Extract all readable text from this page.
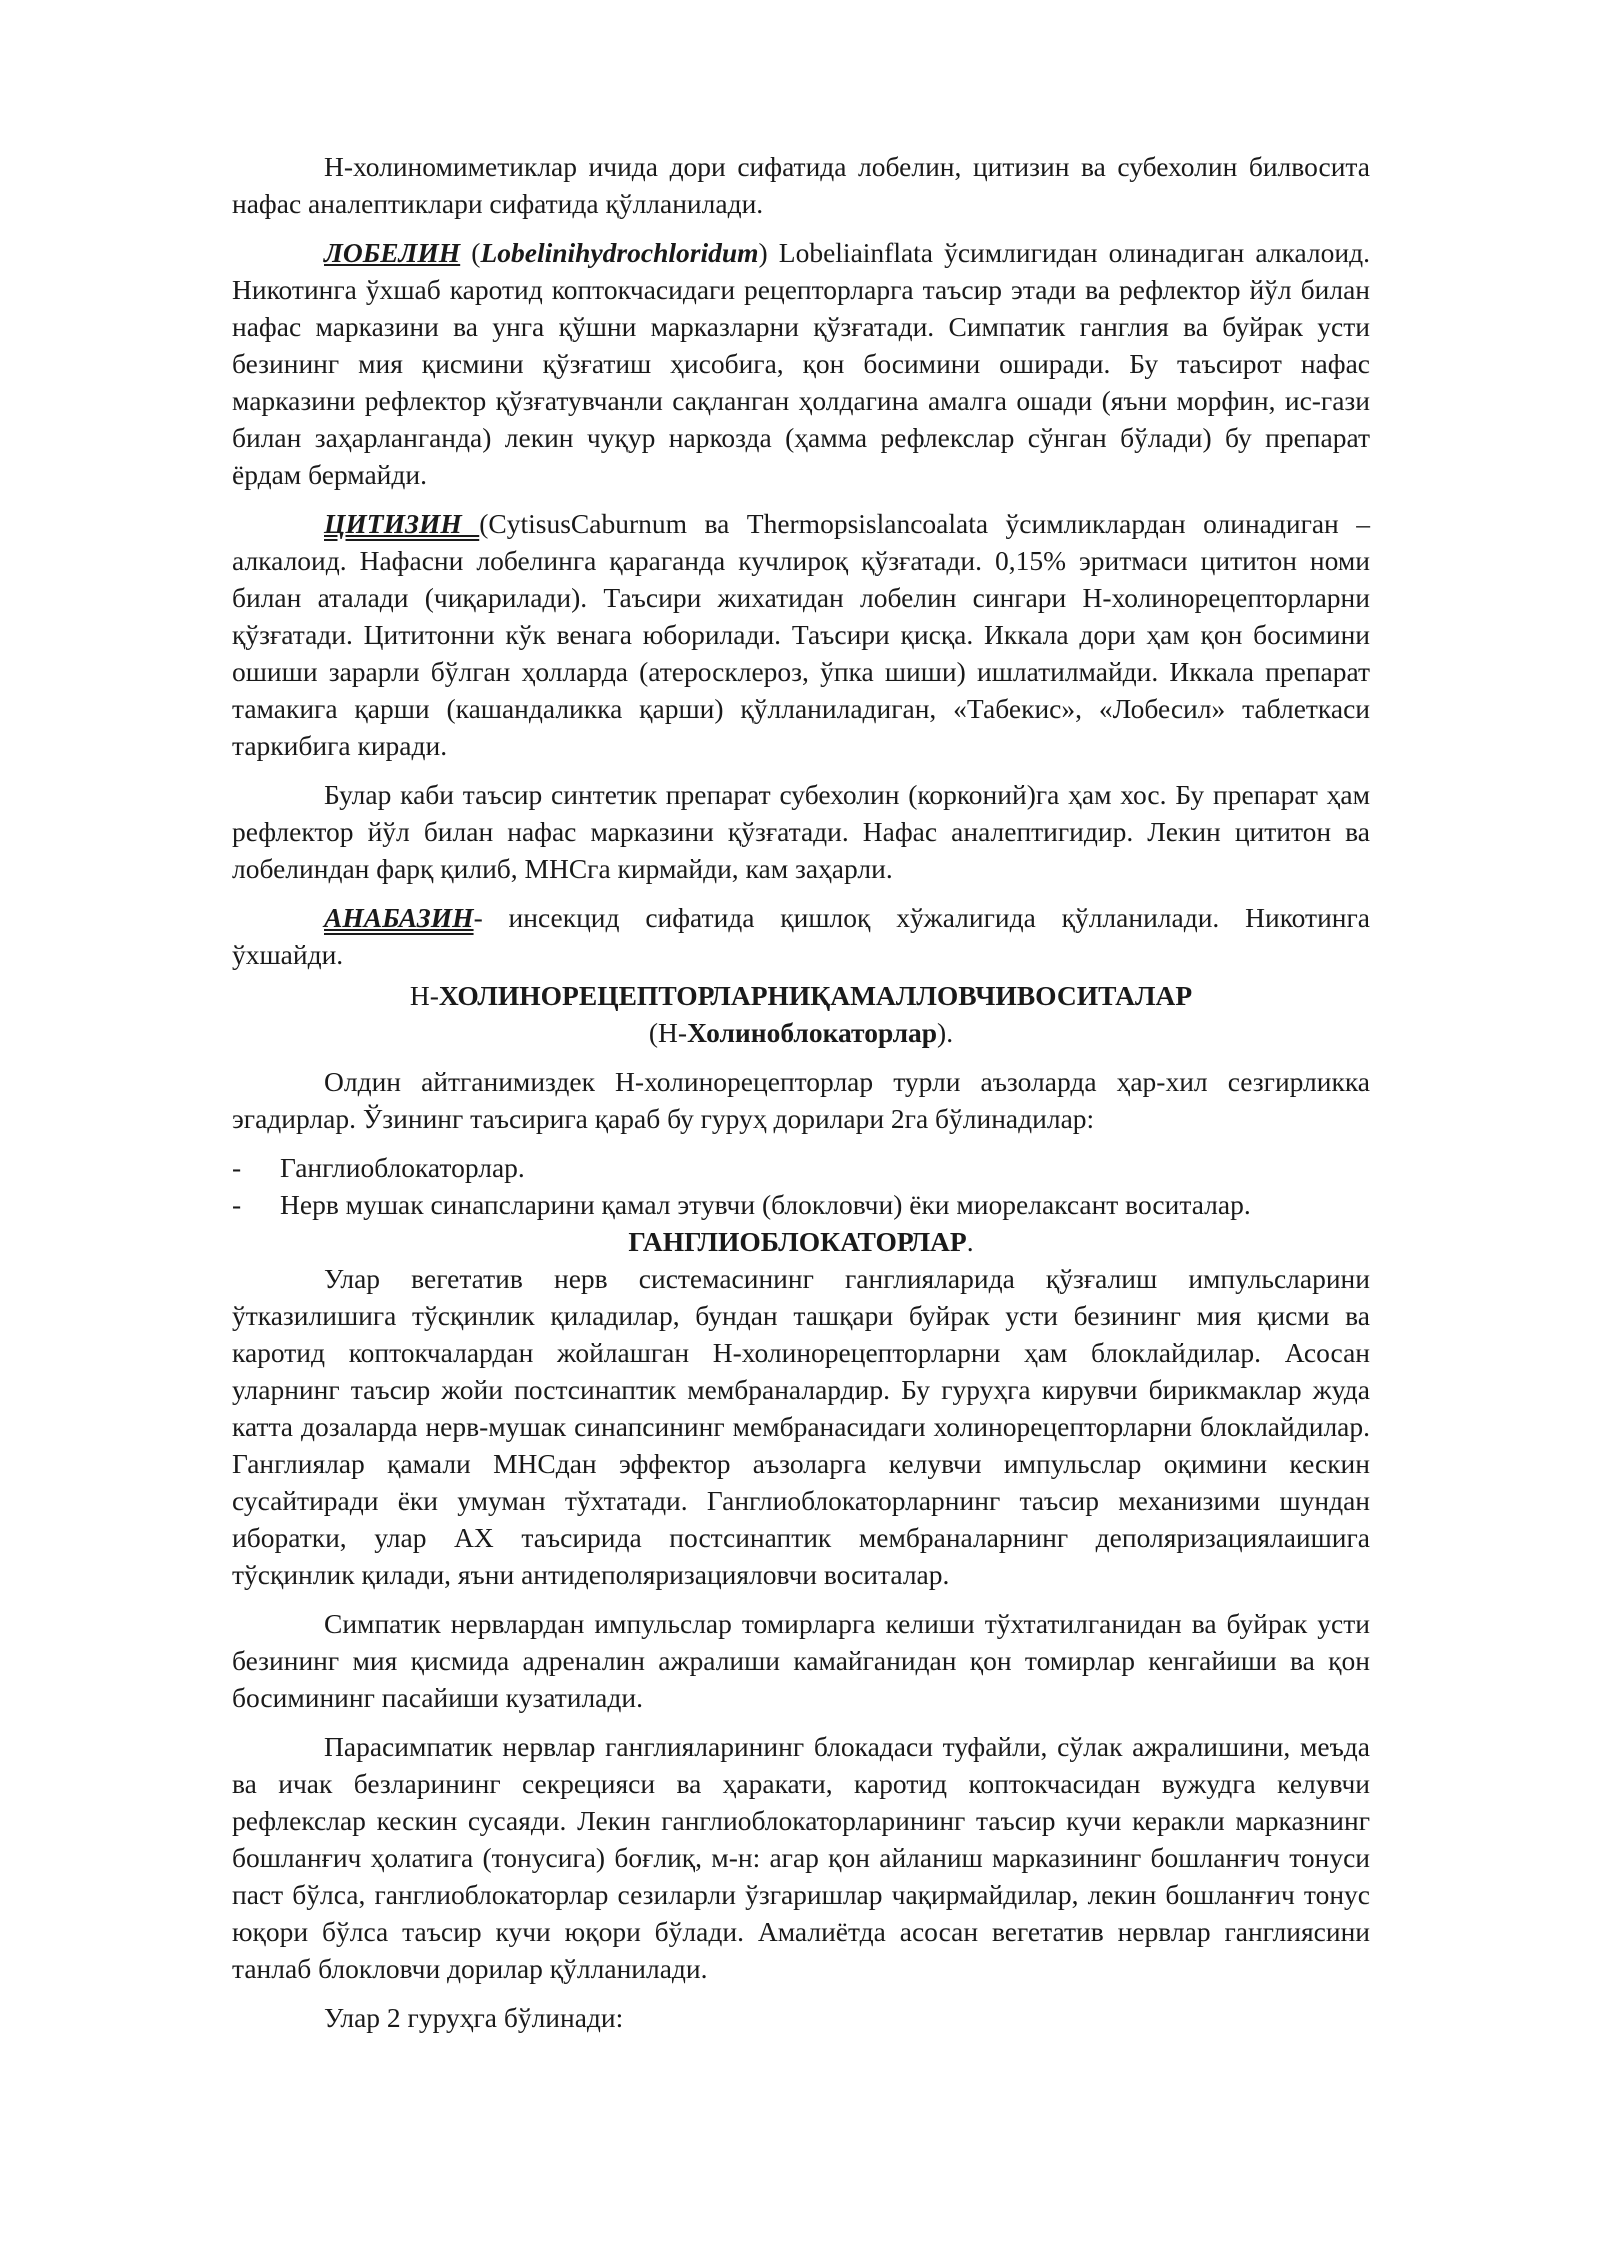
Н-холиномиметиклар ичида дори сифатида лобелин, цитизин ва субехолин билвосита нафас аналептиклари сифатида қўлланилади.

ЛОБЕЛИН (Lobelinihydrochloridum) Lobeliainflata ўсимлигидан олинадиган алкалоид. Никотинга ўхшаб каротид коптокчасидаги рецепторларга таъсир этади ва рефлектор йўл билан нафас марказини ва унга қўшни марказларни қўзғатади. Симпатик ганглия ва буйрак усти безининг мия қисмини қўзғатиш ҳисобига, қон босимини оширади. Бу таъсирот нафас марказини рефлектор қўзғатувчанли сақланган ҳолдагина амалга ошади (яъни морфин, ис-гази билан заҳарланганда) лекин чуқур наркозда (ҳамма рефлекслар сўнган бўлади) бу препарат ёрдам бермайди.

ЦИТИЗИН (CytisusCaburnum ва Thermopsislancoalata ўсимликлардан олинадиган – алкалоид. Нафасни лобелинга қараганда кучлироқ қўзғатади. 0,15% эритмаси цититон номи билан аталади (чиқарилади). Таъсири жихатидан лобелин сингари Н-холинорецепторларни қўзғатади. Цититонни кўк венага юборилади. Таъсири қисқа. Иккала дори ҳам қон босимини ошиши зарарли бўлган ҳолларда (атеросклероз, ўпка шиши) ишлатилмайди. Иккала препарат тамакига қарши (кашандаликка қарши) қўлланиладиган, «Табекис», «Лобесил» таблеткаси таркибига киради.

Булар каби таъсир синтетик препарат субехолин (корконий)га ҳам хос. Бу препарат ҳам рефлектор йўл билан нафас марказини қўзғатади. Нафас аналептигидир. Лекин цититон ва лобелиндан фарқ қилиб, МНСга кирмайди, кам заҳарли.

АНАБАЗИН- инсекцид сифатида қишлоқ хўжалигида қўлланилади. Никотинга ўхшайди.

Н-ХОЛИНОРЕЦЕПТОРЛАРНИҚАМАЛЛОВЧИВОСИТАЛАР

(Н-Холиноблокаторлар).

Олдин айтганимиздек Н-холинорецепторлар турли аъзоларда ҳар-хил сезгирликка эгадирлар. Ўзининг таъсирига қараб бу гуруҳ дорилари 2га бўлинадилар:

-	Ганглиоблокаторлар.
-	Нерв мушак синапсларини қамал этувчи (блокловчи) ёки миорелаксант воситалар.

ГАНГЛИОБЛОКАТОРЛАР.

Улар вегетатив нерв системасининг ганглияларида қўзғалиш импульсларини ўтказилишига тўсқинлик қиладилар, бундан ташқари буйрак усти безининг мия қисми ва каротид коптокчалардан жойлашган Н-холинорецепторларни ҳам блоклайдилар. Асосан уларнинг таъсир жойи постсинаптик мембраналардир. Бу гуруҳга кирувчи бирикмаклар жуда катта дозаларда нерв-мушак синапсининг мембранасидаги холинорецепторларни блоклайдилар. Ганглиялар қамали МНСдан эффектор аъзоларга келувчи импульслар оқимини кескин сусайтиради ёки умуман тўхтатади. Ганглиоблокаторларнинг таъсир механизими шундан иборатки, улар АХ таъсирида постсинаптик мембраналарнинг деполяризациялаишига тўсқинлик қилади, яъни антидеполяризацияловчи воситалар.

Симпатик нервлардан импульслар томирларга келиши тўхтатилганидан ва буйрак усти безининг мия қисмида адреналин ажралиши камайганидан қон томирлар кенгайиши ва қон босимининг пасайиши кузатилади.

Парасимпатик нервлар ганглияларининг блокадаси туфайли, сўлак ажралишини, меъда ва ичак безларининг секрецияси ва ҳаракати, каротид коптокчасидан вужудга келувчи рефлекслар кескин сусаяди. Лекин ганглиоблокаторларининг таъсир кучи керакли марказнинг бошланғич ҳолатига (тонусига) боғлиқ, м-н: агар қон айланиш марказининг бошланғич тонуси паст бўлса, ганглиоблокаторлар сезиларли ўзгаришлар чақирмайдилар, лекин бошланғич тонус юқори бўлса таъсир кучи юқори бўлади. Амалиётда асосан вегетатив нервлар ганглиясини танлаб блокловчи дорилар қўлланилади.

Улар 2 гуруҳга бўлинади:
